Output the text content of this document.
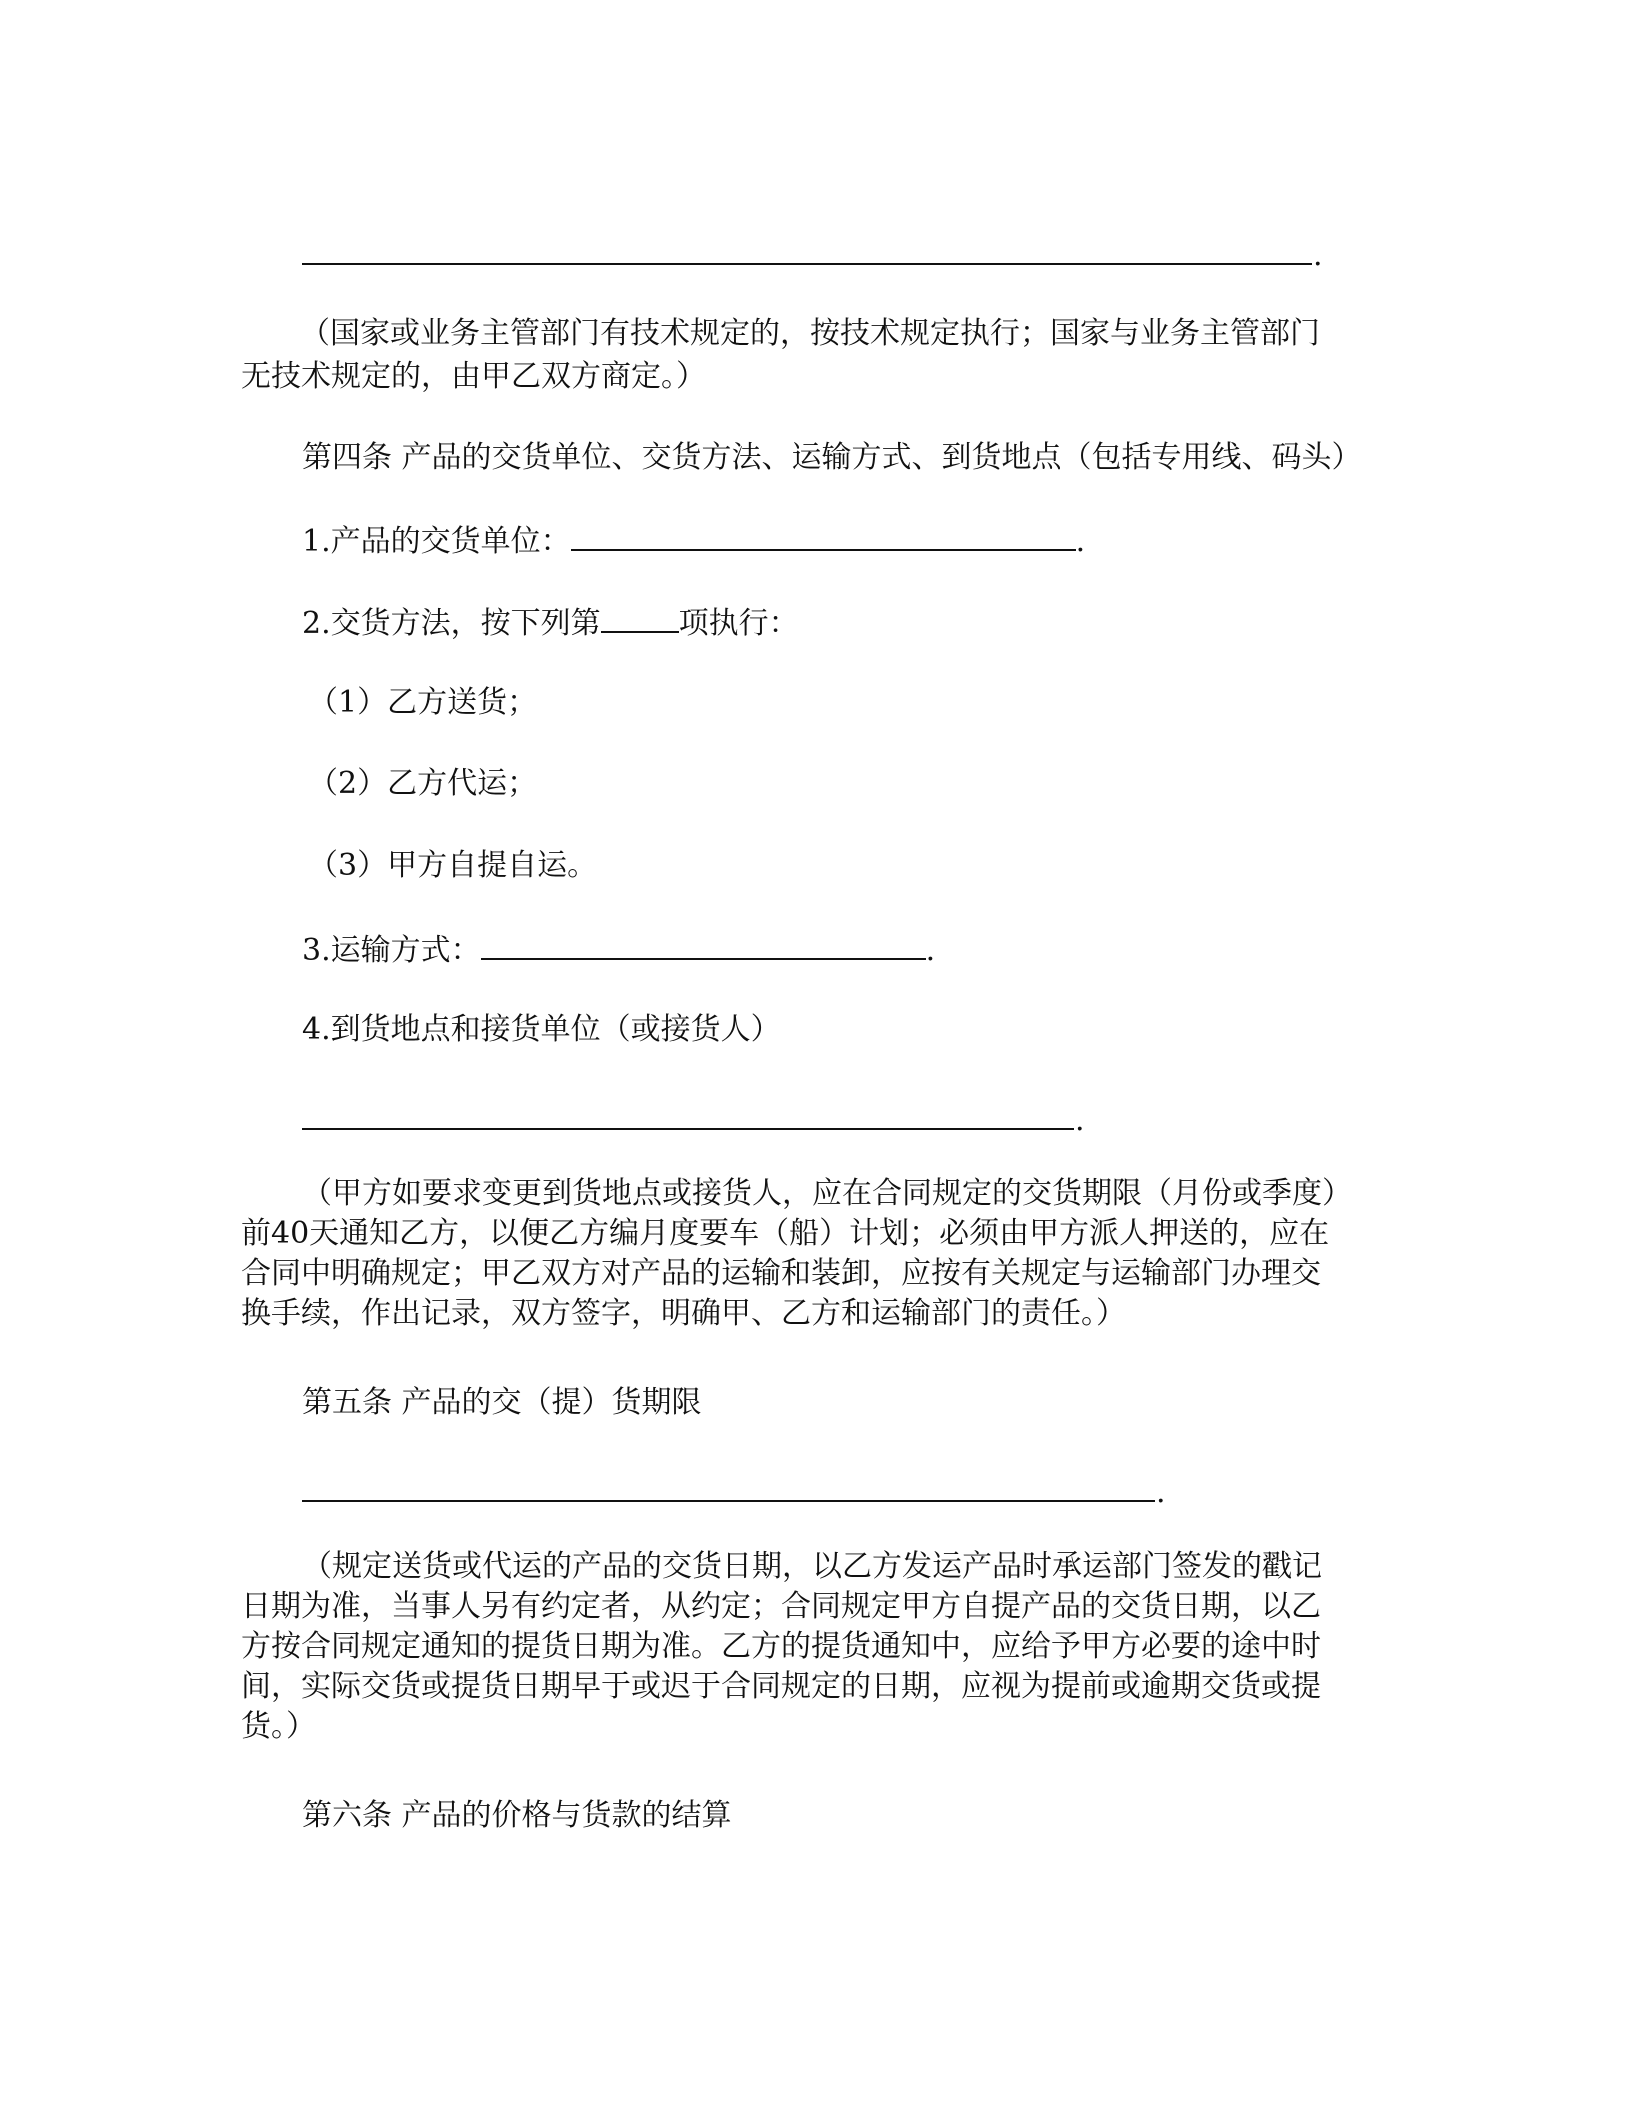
.
（国家或业务主管部门有技术规定的，按技术规定执行；国家与业务主管部门
无技术规定的，由甲乙双方商定。）
第四条 产品的交货单位、交货方法、运输方式、到货地点（包括专用线、码头）
1.产品的交货单位：	.
2.交货方法，按下列第	项执行：
（1）乙方送货；
（2）乙方代运；
（3）甲方自提自运。
3.运输方式：	.
4.到货地点和接货单位（或接货人）
.
（甲方如要求变更到货地点或接货人，应在合同规定的交货期限（月份或季度）
前40天通知乙方，以便乙方编月度要车（船）计划；必须由甲方派人押送的，应在
合同中明确规定；甲乙双方对产品的运输和装卸，应按有关规定与运输部门办理交
换手续，作出记录，双方签字，明确甲、乙方和运输部门的责任。）
第五条 产品的交（提）货期限
.
（规定送货或代运的产品的交货日期，以乙方发运产品时承运部门签发的戳记
日期为准，当事人另有约定者，从约定；合同规定甲方自提产品的交货日期，以乙
方按合同规定通知的提货日期为准。乙方的提货通知中，应给予甲方必要的途中时
间，实际交货或提货日期早于或迟于合同规定的日期，应视为提前或逾期交货或提
货。）
第六条 产品的价格与货款的结算
